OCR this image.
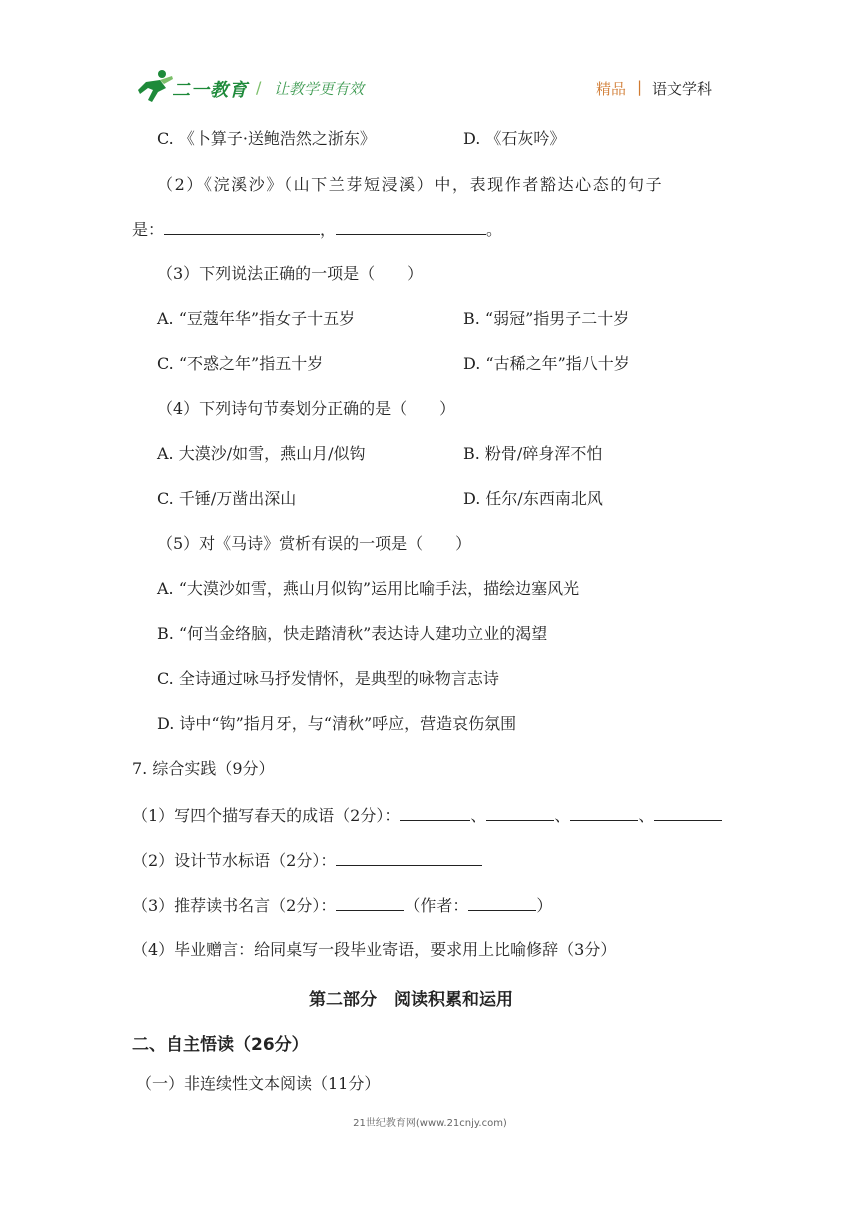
二一教育 / 让教学更有效	精品 | 语文学科
C. 《卜算子·送鲍浩然之浙东》	D. 《石灰吟》
（2）《浣溪沙》（山下兰芽短浸溪）中，表现作者豁达心态的句子
是：	，	。
（3）下列说法正确的一项是（　　）
A. “豆蔻年华”指女子十五岁	B. “弱冠”指男子二十岁
C. “不惑之年”指五十岁	D. “古稀之年”指八十岁
（4）下列诗句节奏划分正确的是（　　）
A. 大漠沙/如雪，燕山月/似钩	B. 粉骨/碎身浑不怕
C. 千锤/万凿出深山	D. 任尔/东西南北风
（5）对《马诗》赏析有误的一项是（　　）
A. “大漠沙如雪，燕山月似钩”运用比喻手法，描绘边塞风光
B. “何当金络脑，快走踏清秋”表达诗人建功立业的渴望
C. 全诗通过咏马抒发情怀，是典型的咏物言志诗
D. 诗中“钩”指月牙，与“清秋”呼应，营造哀伤氛围
7. 综合实践（9分）
（1）写四个描写春天的成语（2分）：	、	、	、
（2）设计节水标语（2分）：
（3）推荐读书名言（2分）：	（作者：	）
（4）毕业赠言：给同桌写一段毕业寄语，要求用上比喻修辞（3分）
第二部分　阅读积累和运用
二、自主悟读（26分）
（一）非连续性文本阅读（11分）
21世纪教育网(www.21cnjy.com)
